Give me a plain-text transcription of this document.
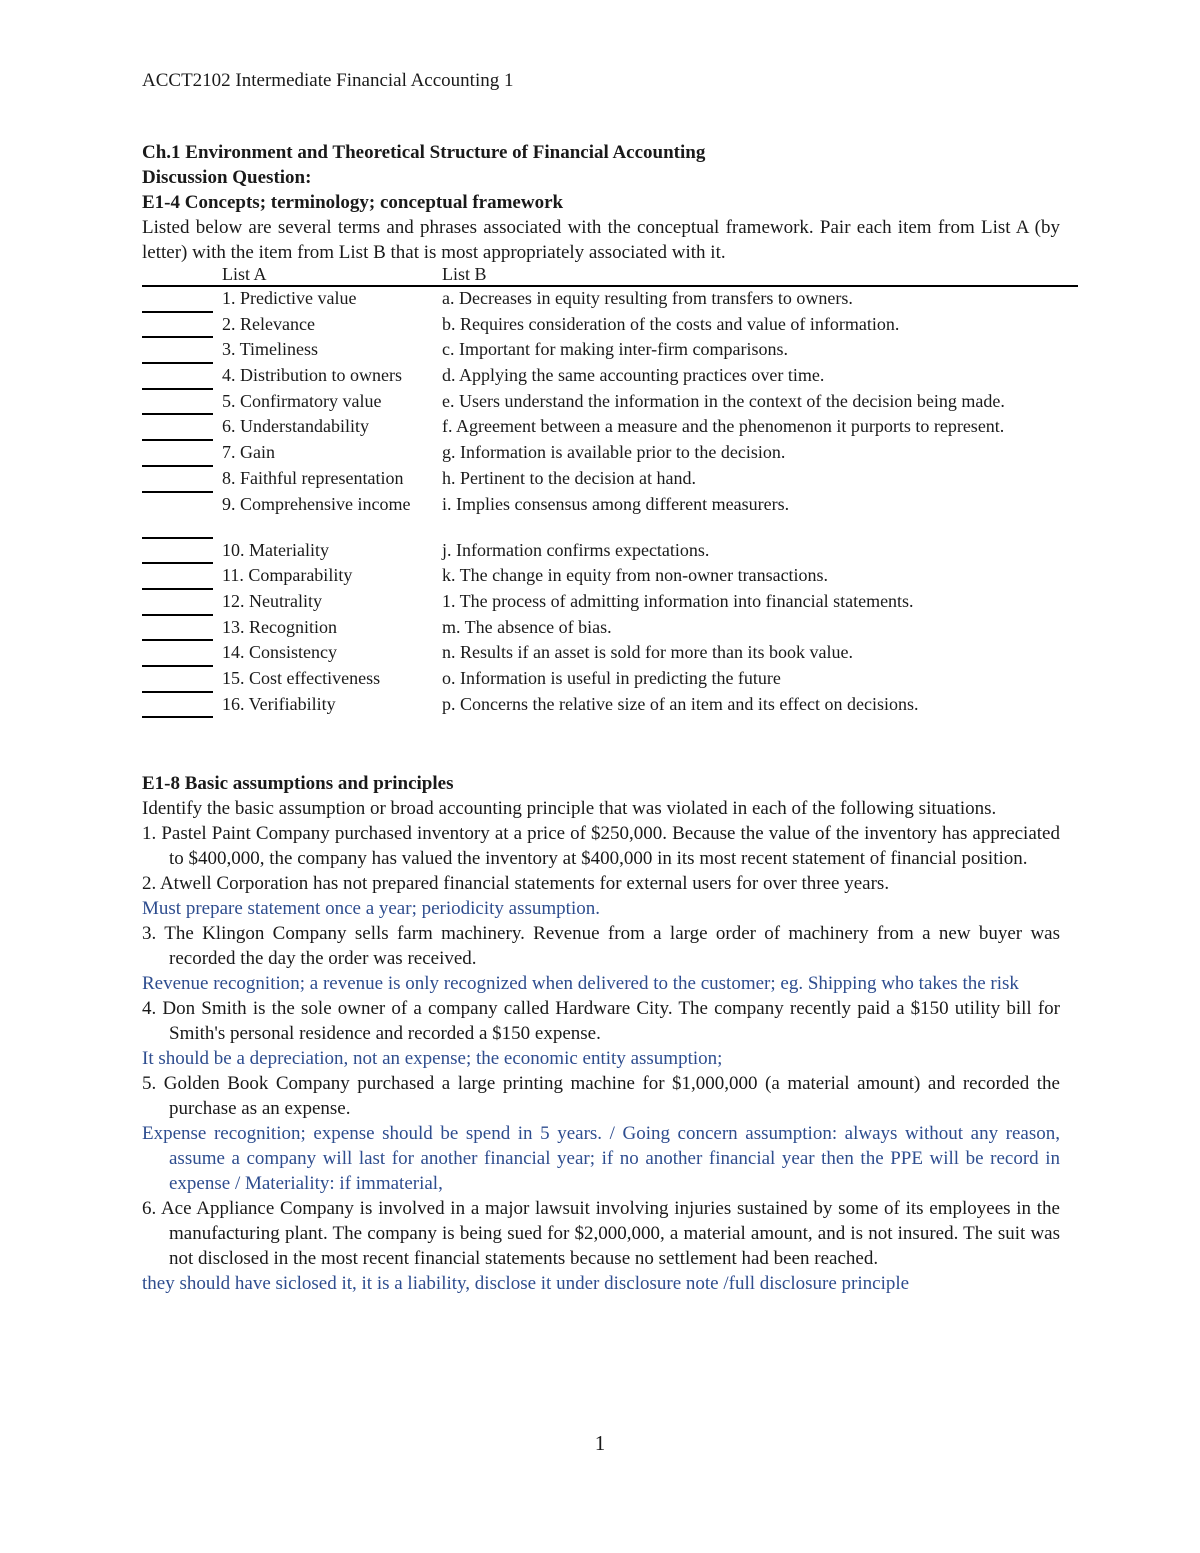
ACCT2102 Intermediate Financial Accounting 1
Ch.1 Environment and Theoretical Structure of Financial Accounting
Discussion Question:
E1-4 Concepts; terminology; conceptual framework
Listed below are several terms and phrases associated with the conceptual framework. Pair each item from List A (by letter) with the item from List B that is most appropriately associated with it.
List A	List B
1. Predictive value	a. Decreases in equity resulting from transfers to owners.
2. Relevance	b. Requires consideration of the costs and value of information.
3. Timeliness	c. Important for making inter-firm comparisons.
4. Distribution to owners	d. Applying the same accounting practices over time.
5. Confirmatory value	e. Users understand the information in the context of the decision being made.
6. Understandability	f. Agreement between a measure and the phenomenon it purports to represent.
7. Gain	g. Information is available prior to the decision.
8. Faithful representation	h. Pertinent to the decision at hand.
9. Comprehensive income	i. Implies consensus among different measurers.
10. Materiality	j. Information confirms expectations.
11. Comparability	k. The change in equity from non-owner transactions.
12. Neutrality	1. The process of admitting information into financial statements.
13. Recognition	m. The absence of bias.
14. Consistency	n. Results if an asset is sold for more than its book value.
15. Cost effectiveness	o. Information is useful in predicting the future
16. Verifiability	p. Concerns the relative size of an item and its effect on decisions.
E1-8 Basic assumptions and principles

Identify the basic assumption or broad accounting principle that was violated in each of the following situations.

1. Pastel Paint Company purchased inventory at a price of $250,000. Because the value of the inventory has appreciated to $400,000, the company has valued the inventory at $400,000 in its most recent statement of financial position.

2. Atwell Corporation has not prepared financial statements for external users for over three years.

Must prepare statement once a year; periodicity assumption.

3. The Klingon Company sells farm machinery. Revenue from a large order of machinery from a new buyer was recorded the day the order was received.

Revenue recognition; a revenue is only recognized when delivered to the customer; eg. Shipping who takes the risk

4. Don Smith is the sole owner of a company called Hardware City. The company recently paid a $150 utility bill for Smith's personal residence and recorded a $150 expense.

It should be a depreciation, not an expense; the economic entity assumption;

5. Golden Book Company purchased a large printing machine for $1,000,000 (a material amount) and recorded the purchase as an expense.

Expense recognition; expense should be spend in 5 years. / Going concern assumption: always without any reason, assume a company will last for another financial year; if no another financial year then the PPE will be record in expense / Materiality: if immaterial,

6. Ace Appliance Company is involved in a major lawsuit involving injuries sustained by some of its employees in the manufacturing plant. The company is being sued for $2,000,000, a material amount, and is not insured. The suit was not disclosed in the most recent financial statements because no settlement had been reached.

they should have siclosed it, it is a liability, disclose it under disclosure note /full disclosure principle

1
